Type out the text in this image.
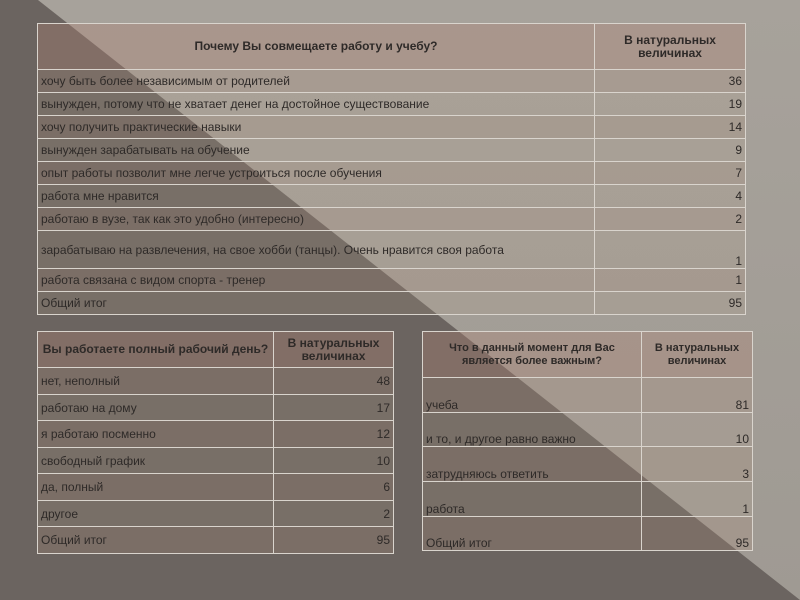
Почему Вы совмещаете работу и учебу?	В натуральных величинах
хочу быть более независимым от родителей	36
вынужден, потому что не хватает денег на достойное существование	19
хочу получить практические навыки	14
вынужден зарабатывать на обучение	9
опыт работы позволит мне легче устроиться после обучения	7
работа мне нравится	4
работаю в вузе, так как это удобно (интересно)	2
зарабатываю на развлечения, на свое хобби (танцы). Очень нравится своя работа	1
работа связана с видом спорта - тренер	1
Общий итог	95
Вы работаете полный рабочий день?	В натуральных величинах
нет, неполный	48
работаю на дому	17
я работаю посменно	12
свободный график	10
да, полный	6
другое	2
Общий итог	95
Что в данный момент для Вас является более важным?	В натуральных величинах
учеба	81
и то, и другое равно важно	10
затрудняюсь ответить	3
работа	1
Общий итог	95
